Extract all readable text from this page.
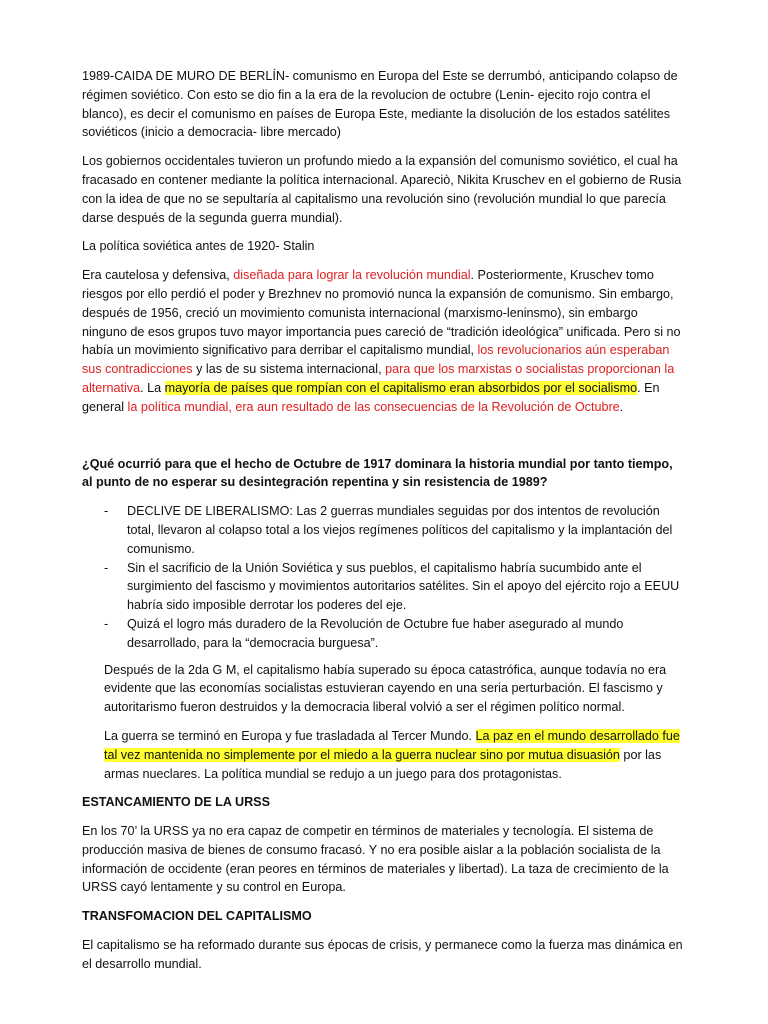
1989-CAIDA DE MURO DE BERLÍN- comunismo en Europa del Este se derrumbó, anticipando colapso de régimen soviético. Con esto se dio fin a la era de la revolucion de octubre (Lenin- ejecito rojo contra el blanco), es decir el comunismo en países de Europa Este, mediante la disolución de los estados satélites soviéticos (inicio a democracia- libre mercado)

Los gobiernos occidentales tuvieron un profundo miedo a la expansión del comunismo soviético, el cual ha fracasado en contener mediante la política internacional. Apareciò, Nikita Kruschev en el gobierno de Rusia con la idea de que no se sepultaría al capitalismo una revolución sino (revolución mundial lo que parecía darse después de la segunda guerra mundial).

La política soviética antes de 1920- Stalin

Era cautelosa y defensiva, diseñada para lograr la revolución mundial. Posteriormente, Kruschev tomo riesgos por ello perdió el poder y Brezhnev no promovió nunca la expansión de comunismo. Sin embargo, después de 1956, creció un movimiento comunista internacional (marxismo-leninsmo), sin embargo ninguno de esos grupos tuvo mayor importancia pues careció de “tradición ideológica” unificada. Pero si no había un movimiento significativo para derribar el capitalismo mundial, los revolucionarios aún esperaban sus contradicciones y las de su sistema internacional, para que los marxistas o socialistas proporcionan la alternativa. La mayoría de países que rompían con el capitalismo eran absorbidos por el socialismo. En general la política mundial, era aun resultado de las consecuencias de la Revolución de Octubre.

¿Qué ocurrió para que el hecho de Octubre de 1917 dominara la historia mundial por tanto tiempo, al punto de no esperar su desintegración repentina y sin resistencia de 1989?

- DECLIVE DE LIBERALISMO: Las 2 guerras mundiales seguidas por dos intentos de revolución total, llevaron al colapso total a los viejos regímenes políticos del capitalismo y la implantación del comunismo.
- Sin el sacrificio de la Unión Soviética y sus pueblos, el capitalismo habría sucumbido ante el surgimiento del fascismo y movimientos autoritarios satélites. Sin el apoyo del ejército rojo a EEUU habría sido imposible derrotar los poderes del eje.
- Quizá el logro más duradero de la Revolución de Octubre fue haber asegurado al mundo desarrollado, para la “democracia burguesa”.

Después de la 2da G M, el capitalismo había superado su época catastrófica, aunque todavía no era evidente que las economías socialistas estuvieran cayendo en una seria perturbación. El fascismo y autoritarismo fueron destruidos y la democracia liberal volvió a ser el régimen político normal.

La guerra se terminó en Europa y fue trasladada al Tercer Mundo. La paz en el mundo desarrollado fue tal vez mantenida no simplemente por el miedo a la guerra nuclear sino por mutua disuasión por las armas nueclares. La política mundial se redujo a un juego para dos protagonistas.

ESTANCAMIENTO DE LA URSS

En los 70’ la URSS ya no era capaz de competir en términos de materiales y tecnología. El sistema de producción masiva de bienes de consumo fracasó. Y no era posible aislar a la población socialista de la información de occidente (eran peores en términos de materiales y libertad). La taza de crecimiento de la URSS cayó lentamente y su control en Europa.

TRANSFOMACION DEL CAPITALISMO

El capitalismo se ha reformado durante sus épocas de crisis, y permanece como la fuerza mas dinámica en el desarrollo mundial.
